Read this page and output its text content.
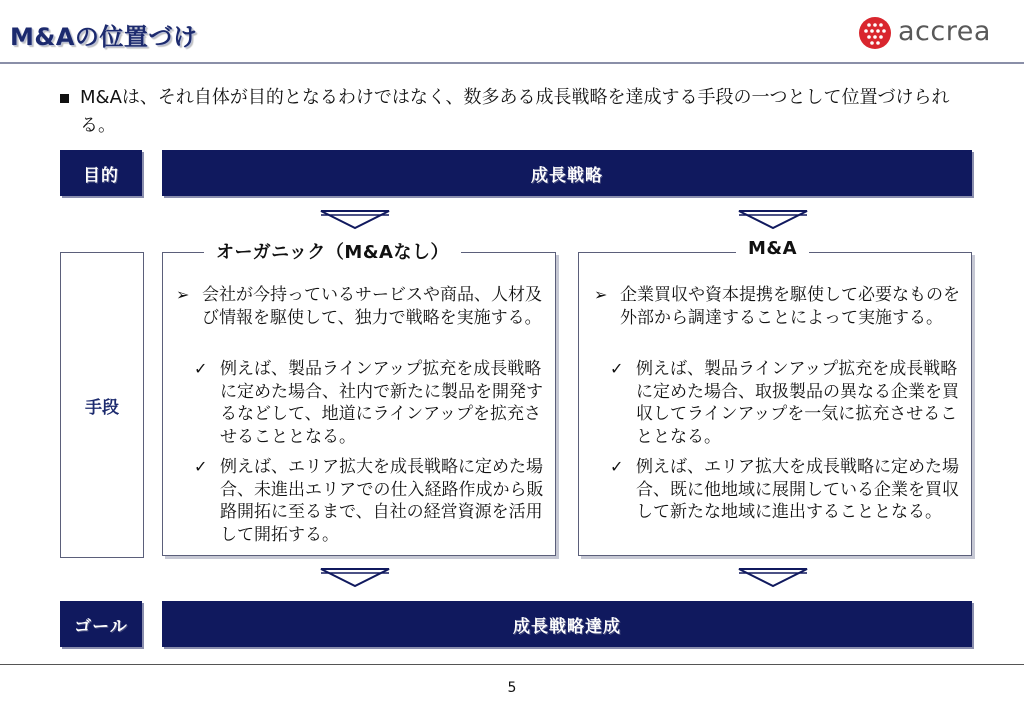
M&Aの位置づけ	accrea
M&Aは、それ自体が目的となるわけではなく、数多ある成長戦略を達成する手段の一つとして位置づけられる。
目的	成長戦略
手段
オーガニック（M&Aなし）
➢ 会社が今持っているサービスや商品、人材及び情報を駆使して、独力で戦略を実施する。
✓ 例えば、製品ラインアップ拡充を成長戦略に定めた場合、社内で新たに製品を開発するなどして、地道にラインアップを拡充させることとなる。
✓ 例えば、エリア拡大を成長戦略に定めた場合、未進出エリアでの仕入経路作成から販路開拓に至るまで、自社の経営資源を活用して開拓する。
M&A
➢ 企業買収や資本提携を駆使して必要なものを外部から調達することによって実施する。
✓ 例えば、製品ラインアップ拡充を成長戦略に定めた場合、取扱製品の異なる企業を買収してラインアップを一気に拡充させることとなる。
✓ 例えば、エリア拡大を成長戦略に定めた場合、既に他地域に展開している企業を買収して新たな地域に進出することとなる。
ゴール	成長戦略達成
5
